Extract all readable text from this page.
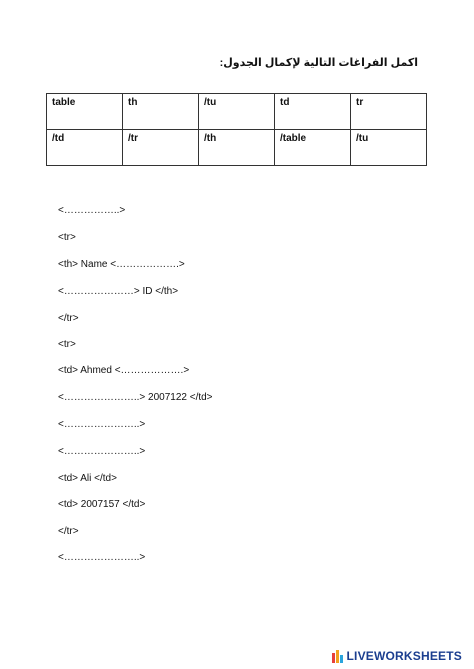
اكمل الفراغات التالية لإكمال الجدول:
table	th	/tu	td	tr
/td	/tr	/th	/table	/tu
<……………..>
<tr>
<th> Name <……………….>
<…………………> ID </th>
</tr>
<tr>
<td> Ahmed <……………….>
<…………………..> 2007122 </td>
<…………………..>
<…………………..>
<td> Ali </td>
<td> 2007157 </td>
</tr>
<…………………..>
LIVEWORKSHEETS
